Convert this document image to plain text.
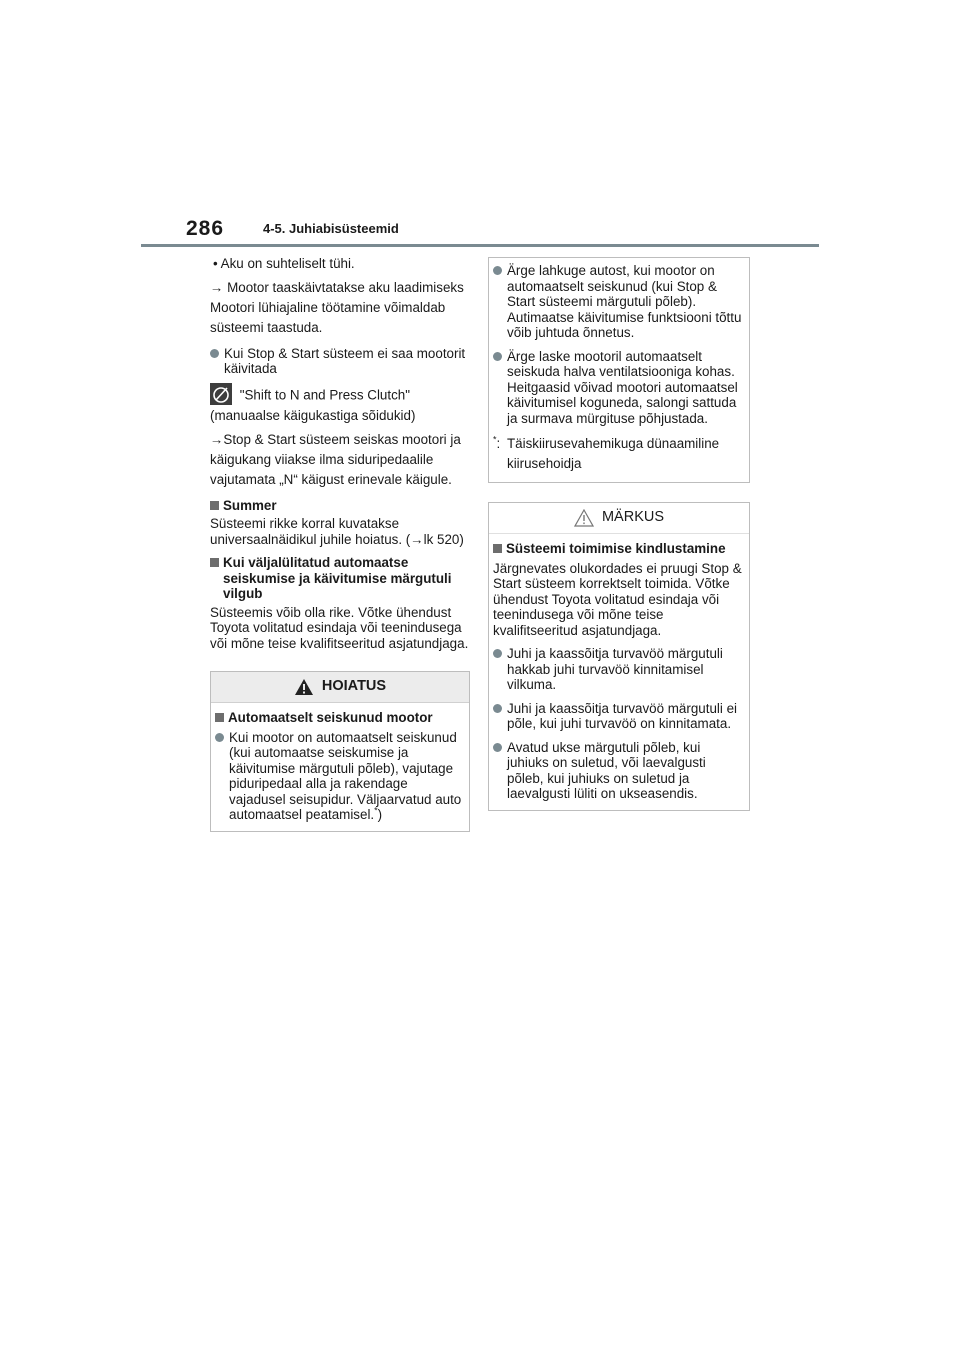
286	4-5. Juhiabisüsteemid

• Aku on suhteliselt tühi.

→ Mootor taaskäivtatakse aku laadimiseks Mootori lühiajaline töötamine võimaldab süsteemi taastuda.

Kui Stop & Start süsteem ei saa mootorit käivitada

"Shift to N and Press Clutch" (manuaalse käigukastiga sõidukid)

→Stop & Start süsteem seiskas mootori ja käigukang viiakse ilma siduripedaalile vajutamata „N“ käigust erinevale käigule.

Summer

Süsteemi rikke korral kuvatakse universaalnäidikul juhile hoiatus. (→lk 520)

Kui väljalülitatud automaatse seiskumise ja käivitumise märgutuli vilgub

Süsteemis võib olla rike. Võtke ühendust Toyota volitatud esindaja või teenindusega või mõne teise kvalifitseeritud asjatundjaga.

HOIATUS
Automaatselt seiskunud mootor
Kui mootor on automaatselt seiskunud (kui automaatse seiskumise ja käivitumise märgutuli põleb), vajutage piduripedaal alla ja rakendage vajadusel seisupidur. Väljaarvatud auto automaatsel peatamisel.*)
Ärge lahkuge autost, kui mootor on automaatselt seiskunud (kui Stop & Start süsteemi märgutuli põleb). Autimaatse käivitumise funktsiooni tõttu võib juhtuda õnnetus.
Ärge laske mootoril automaatselt seiskuda halva ventilatsiooniga kohas. Heitgaasid võivad mootori automaatsel käivitumisel koguneda, salongi sattuda ja surmava mürgituse põhjustada.
*: Täiskiirusevahemikuga dünaamiline kiirusehoidja
MÄRKUS
Süsteemi toimimise kindlustamine

Järgnevates olukordades ei pruugi Stop & Start süsteem korrektselt toimida. Võtke ühendust Toyota volitatud esindaja või teenindusega või mõne teise kvalifitseeritud asjatundjaga.

Juhi ja kaassõitja turvavöö märgutuli hakkab juhi turvavöö kinnitamisel vilkuma.
Juhi ja kaassõitja turvavöö märgutuli ei põle, kui juhi turvavöö on kinnitamata.
Avatud ukse märgutuli põleb, kui juhiuks on suletud, või laevalgusti põleb, kui juhiuks on suletud ja laevalgusti lüliti on ukseasendis.
